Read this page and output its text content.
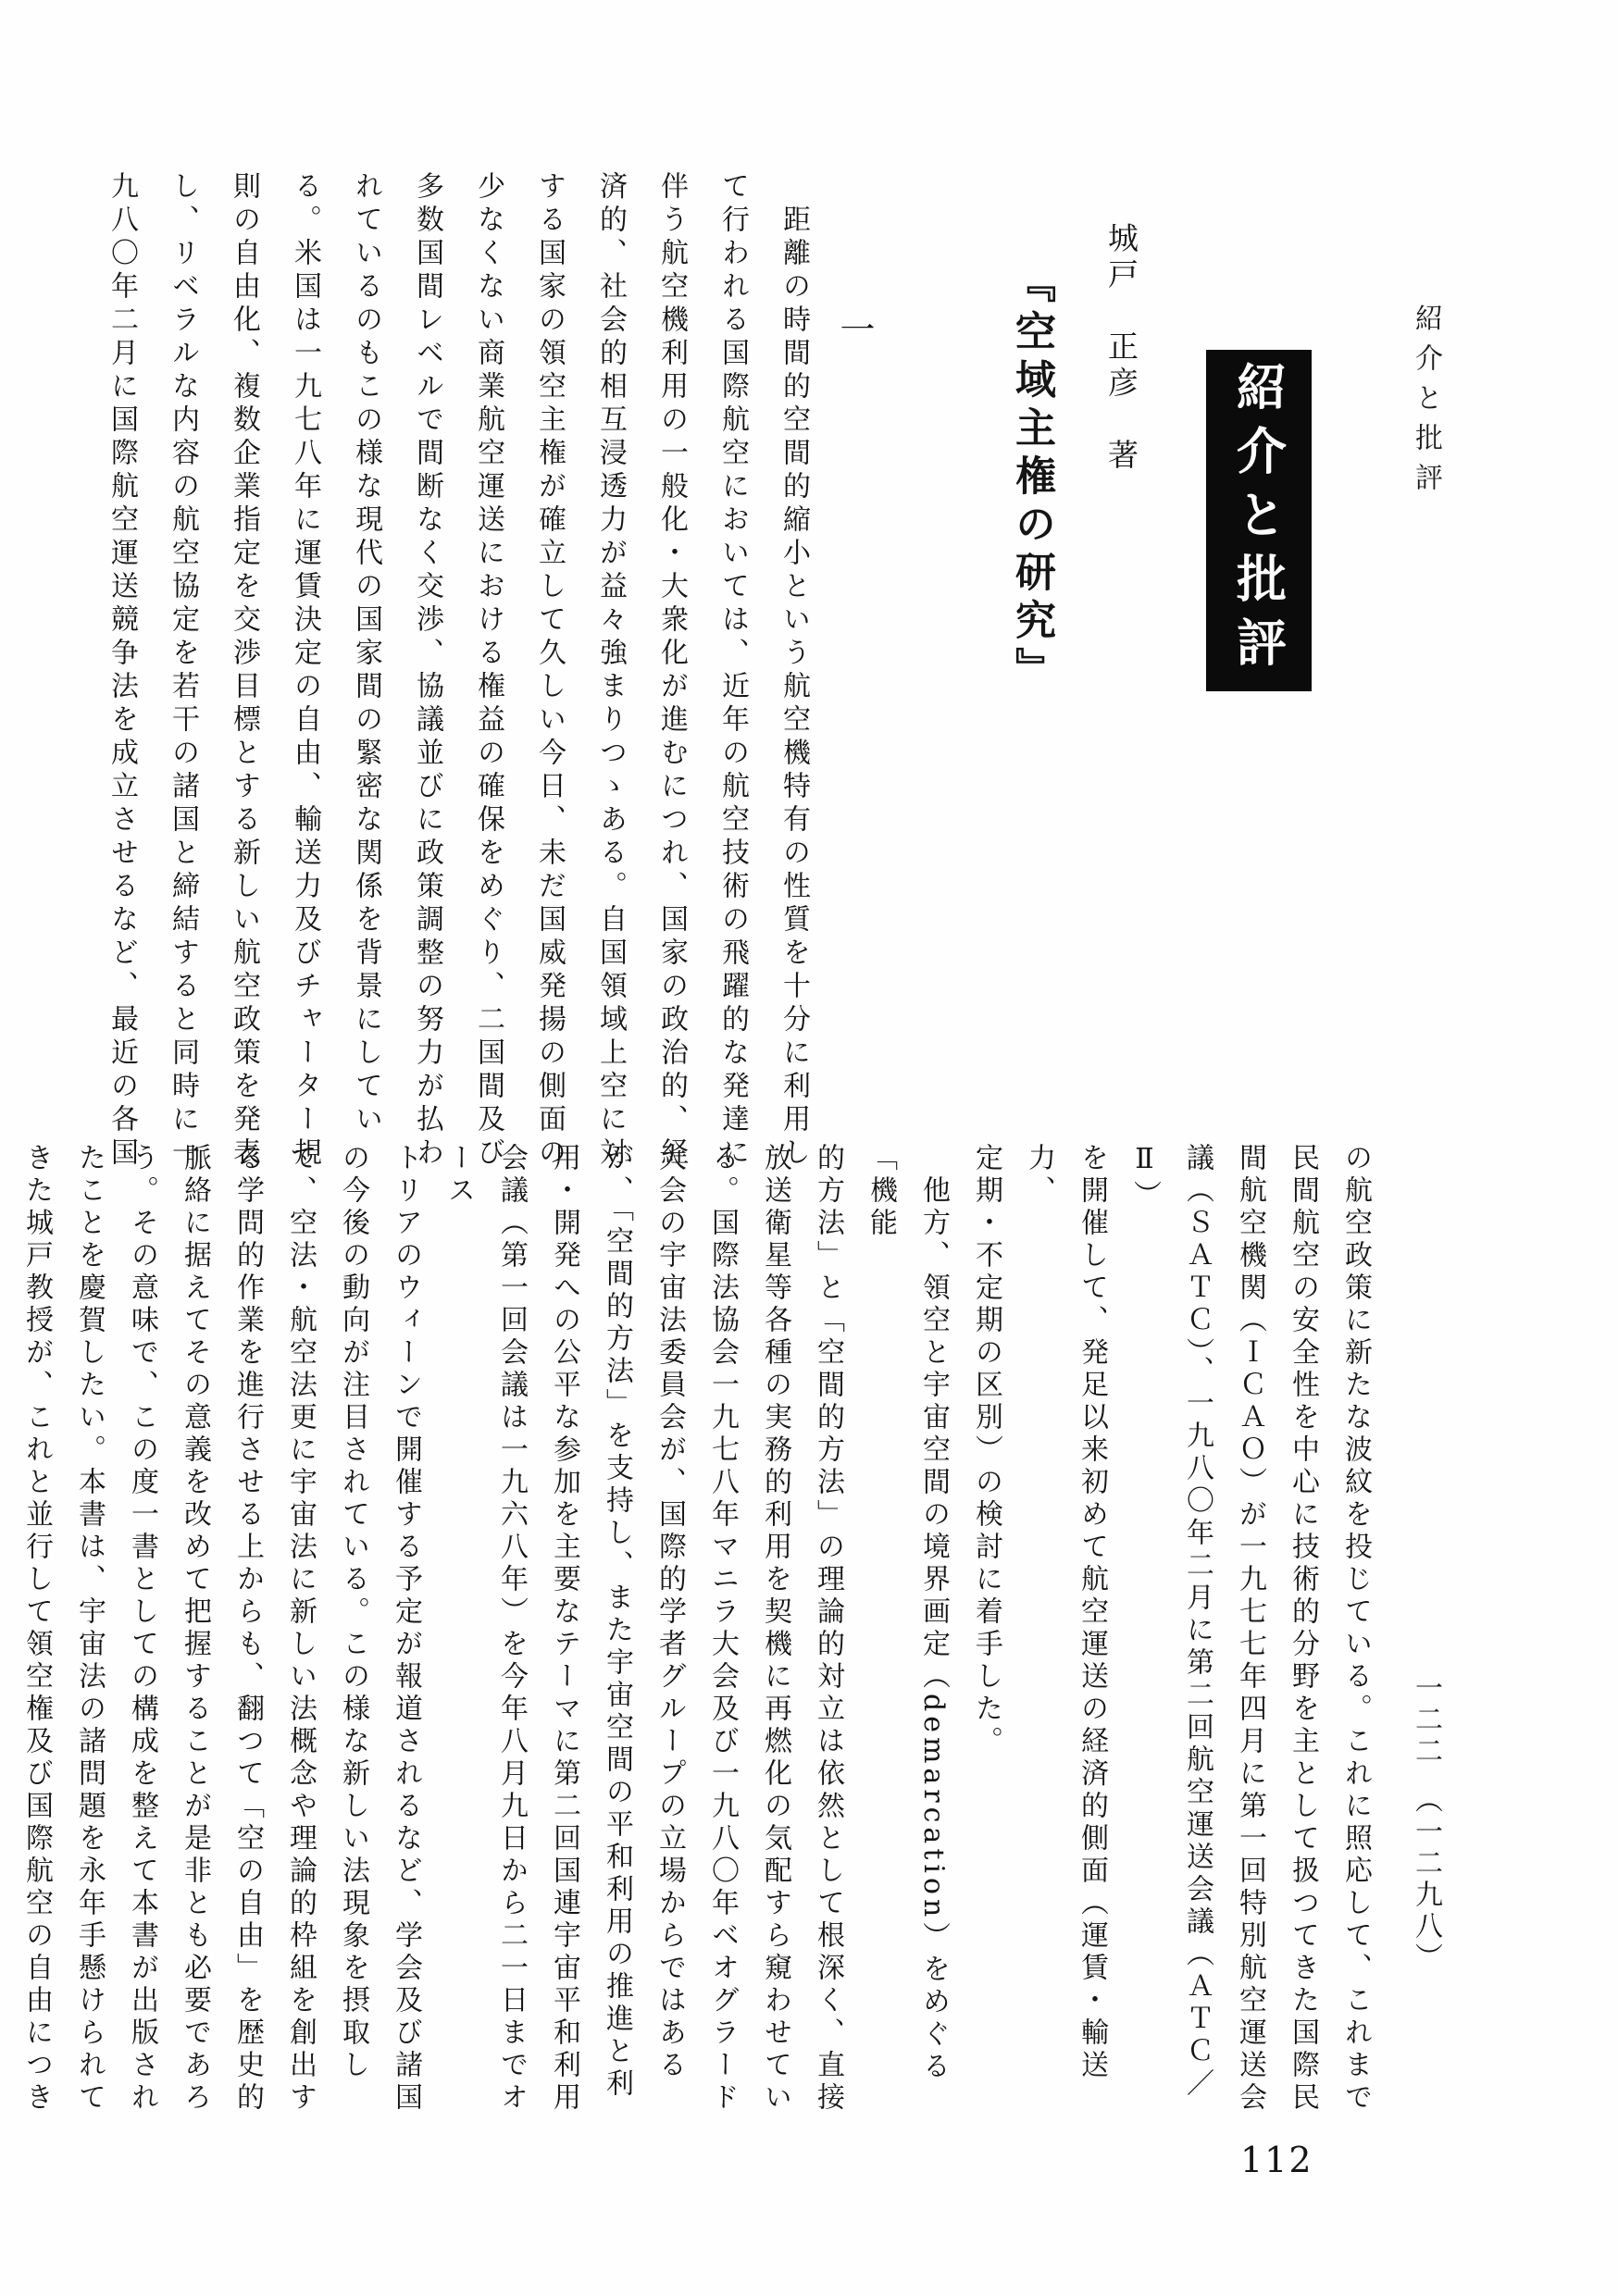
紹介と批評
紹介と批評
城戸　正彦　著
『空域主権の研究』
一
　距離の時間的空間的縮小という航空機特有の性質を十分に利用し
て行われる国際航空においては、近年の航空技術の飛躍的な発達に
伴う航空機利用の一般化・大衆化が進むにつれ、国家の政治的、経
済的、社会的相互浸透力が益々強まりつゝある。自国領域上空に対
する国家の領空主権が確立して久しい今日、未だ国威発揚の側面の
少なくない商業航空運送における権益の確保をめぐり、二国間及び
多数国間レベルで間断なく交渉、協議並びに政策調整の努力が払わ
れているのもこの様な現代の国家間の緊密な関係を背景にしてい
る。米国は一九七八年に運賃決定の自由、輸送力及びチャーター規
則の自由化、複数企業指定を交渉目標とする新しい航空政策を発表
し、リベラルな内容の航空協定を若干の諸国と締結すると同時に一
九八〇年二月に国際航空運送競争法を成立させるなど、最近の各国
の航空政策に新たな波紋を投じている。これに照応して、これまで
民間航空の安全性を中心に技術的分野を主として扱つてきた国際民
間航空機関（ＩＣＡＯ）が一九七七年四月に第一回特別航空運送会
議（ＳＡＴＣ）、一九八〇年二月に第二回航空運送会議（ＡＴＣ／Ⅱ）
を開催して、発足以来初めて航空運送の経済的側面（運賃・輸送力、
定期・不定期の区別）の検討に着手した。
　他方、領空と宇宙空間の境界画定（demarcation）をめぐる「機能
的方法」と「空間的方法」の理論的対立は依然として根深く、直接
放送衛星等各種の実務的利用を契機に再燃化の気配すら窺わせてい
る。国際法協会一九七八年マニラ大会及び一九八〇年ベオグラード
大会の宇宙法委員会が、国際的学者グループの立場からではある
が、「空間的方法」を支持し、また宇宙空間の平和利用の推進と利
用・開発への公平な参加を主要なテーマに第二回国連宇宙平和利用
会議（第一回会議は一九六八年）を今年八月九日から二一日までオース
トリアのウィーンで開催する予定が報道されるなど、学会及び諸国
の今後の動向が注目されている。この様な新しい法現象を摂取し
て、空法・航空法更に宇宙法に新しい法概念や理論的枠組を創出す
る学問的作業を進行させる上からも、翻つて「空の自由」を歴史的
脈絡に据えてその意義を改めて把握することが是非とも必要であろ
う。その意味で、この度一書としての構成を整えて本書が出版され
たことを慶賀したい。本書は、宇宙法の諸問題を永年手懸けられて
きた城戸教授が、これと並行して領空権及び国際航空の自由につき	一二二　（一二九八）
112
